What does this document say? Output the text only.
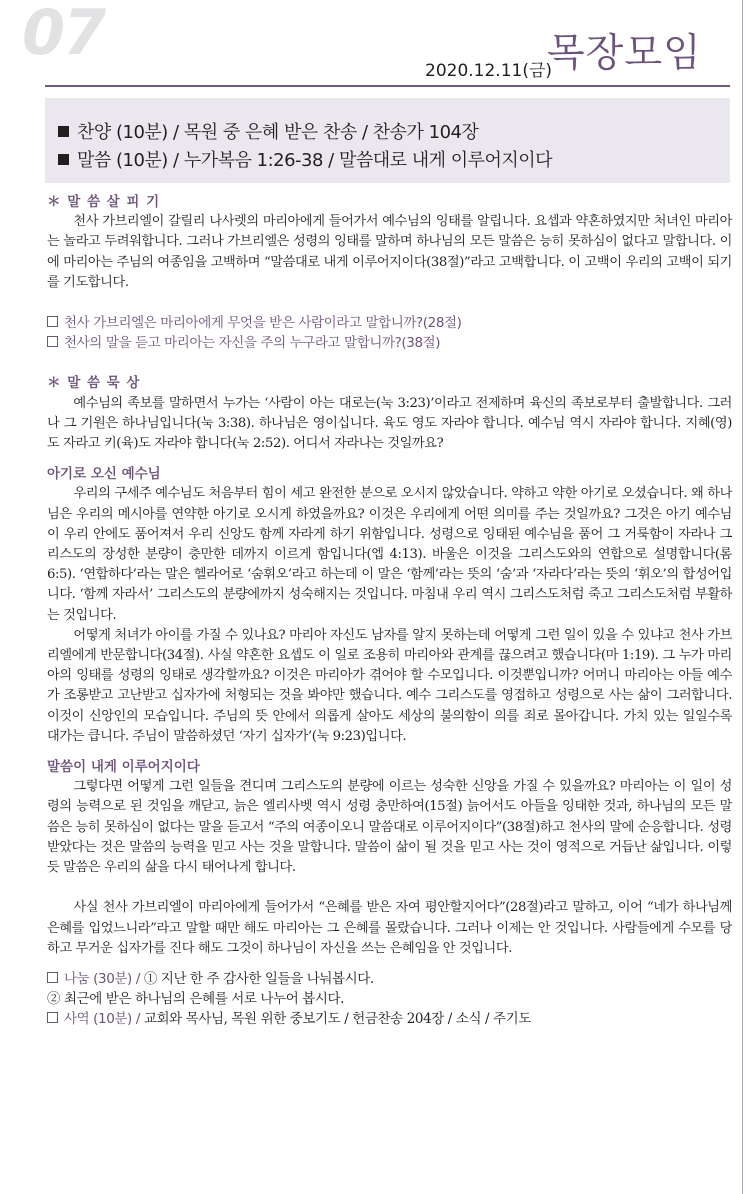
07
2020.12.11(금)
목장모임
찬양 (10분) / 목원 중 은혜 받은 찬송 / 찬송가 104장
말씀 (10분) / 누가복음 1:26-38 / 말씀대로 내게 이루어지이다
＊ 말 씀 살 피 기

천사 가브리엘이 갈릴리 나사렛의 마리아에게 들어가서 예수님의 잉태를 알립니다. 요셉과 약혼하였지만 처녀인 마리아는 놀라고 두려워합니다. 그러나 가브리엘은 성령의 잉태를 말하며 하나님의 모든 말씀은 능히 못하심이 없다고 말합니다. 이에 마리아는 주님의 여종임을 고백하며 “말씀대로 내게 이루어지이다(38절)”라고 고백합니다. 이 고백이 우리의 고백이 되기를 기도합니다.

천사 가브리엘은 마리아에게 무엇을 받은 사람이라고 말합니까?(28절)
천사의 말을 듣고 마리아는 자신을 주의 누구라고 말합니까?(38절)
＊ 말 씀 묵 상

예수님의 족보를 말하면서 누가는 ‘사람이 아는 대로는(눅 3:23)’이라고 전제하며 육신의 족보로부터 출발합니다. 그러나 그 기원은 하나님입니다(눅 3:38). 하나님은 영이십니다. 육도 영도 자라야 합니다. 예수님 역시 자라야 합니다. 지혜(영)도 자라고 키(육)도 자라야 합니다(눅 2:52). 어디서 자라나는 것일까요?

아기로 오신 예수님

우리의 구세주 예수님도 처음부터 힘이 세고 완전한 분으로 오시지 않았습니다. 약하고 약한 아기로 오셨습니다. 왜 하나님은 우리의 메시아를 연약한 아기로 오시게 하였을까요? 이것은 우리에게 어떤 의미를 주는 것일까요? 그것은 아기 예수님이 우리 안에도 품어져서 우리 신앙도 함께 자라게 하기 위함입니다. 성령으로 잉태된 예수님을 품어 그 거룩함이 자라나 그리스도의 장성한 분량이 충만한 데까지 이르게 함입니다(엡 4:13). 바울은 이것을 그리스도와의 연합으로 설명합니다(롬 6:5). ‘연합하다’라는 말은 헬라어로 ‘숨휘오’라고 하는데 이 말은 ‘함께’라는 뜻의 ‘숨’과 ‘자라다’라는 뜻의 ‘휘오’의 합성어입니다. ‘함께 자라서’ 그리스도의 분량에까지 성숙해지는 것입니다. 마침내 우리 역시 그리스도처럼 죽고 그리스도처럼 부활하는 것입니다.

어떻게 처녀가 아이를 가질 수 있나요? 마리아 자신도 남자를 알지 못하는데 어떻게 그런 일이 있을 수 있냐고 천사 가브리엘에게 반문합니다(34절). 사실 약혼한 요셉도 이 일로 조용히 마리아와 관계를 끊으려고 했습니다(마 1:19). 그 누가 마리아의 잉태를 성령의 잉태로 생각할까요? 이것은 마리아가 겪어야 할 수모입니다. 이것뿐입니까? 어머니 마리아는 아들 예수가 조롱받고 고난받고 십자가에 처형되는 것을 봐야만 했습니다. 예수 그리스도를 영접하고 성령으로 사는 삶이 그러합니다. 이것이 신앙인의 모습입니다. 주님의 뜻 안에서 의롭게 살아도 세상의 불의함이 의를 죄로 몰아갑니다. 가치 있는 일일수록 대가는 큽니다. 주님이 말씀하셨던 ‘자기 십자가’(눅 9:23)입니다.

말씀이 내게 이루어지이다

그렇다면 어떻게 그런 일들을 견디며 그리스도의 분량에 이르는 성숙한 신앙을 가질 수 있을까요? 마리아는 이 일이 성령의 능력으로 된 것임을 깨닫고, 늙은 엘리사벳 역시 성령 충만하여(15절) 늙어서도 아들을 잉태한 것과, 하나님의 모든 말씀은 능히 못하심이 없다는 말을 듣고서 “주의 여종이오니 말씀대로 이루어지이다”(38절)하고 천사의 말에 순응합니다. 성령 받았다는 것은 말씀의 능력을 믿고 사는 것을 말합니다. 말씀이 삶이 될 것을 믿고 사는 것이 영적으로 거듭난 삶입니다. 이렇듯 말씀은 우리의 삶을 다시 태어나게 합니다.

사실 천사 가브리엘이 마리아에게 들어가서 “은혜를 받은 자여 평안할지어다”(28절)라고 말하고, 이어 “네가 하나님께 은혜를 입었느니라”라고 말할 때만 해도 마리아는 그 은혜를 몰랐습니다. 그러나 이제는 안 것입니다. 사람들에게 수모를 당하고 무거운 십자가를 진다 해도 그것이 하나님이 자신을 쓰는 은혜임을 안 것입니다.

나눔 (30분) / ① 지난 한 주 감사한 일들을 나눠봅시다.
② 최근에 받은 하나님의 은혜를 서로 나누어 봅시다.
사역 (10분) / 교회와 목사님, 목원 위한 중보기도 / 헌금찬송 204장 / 소식 / 주기도
